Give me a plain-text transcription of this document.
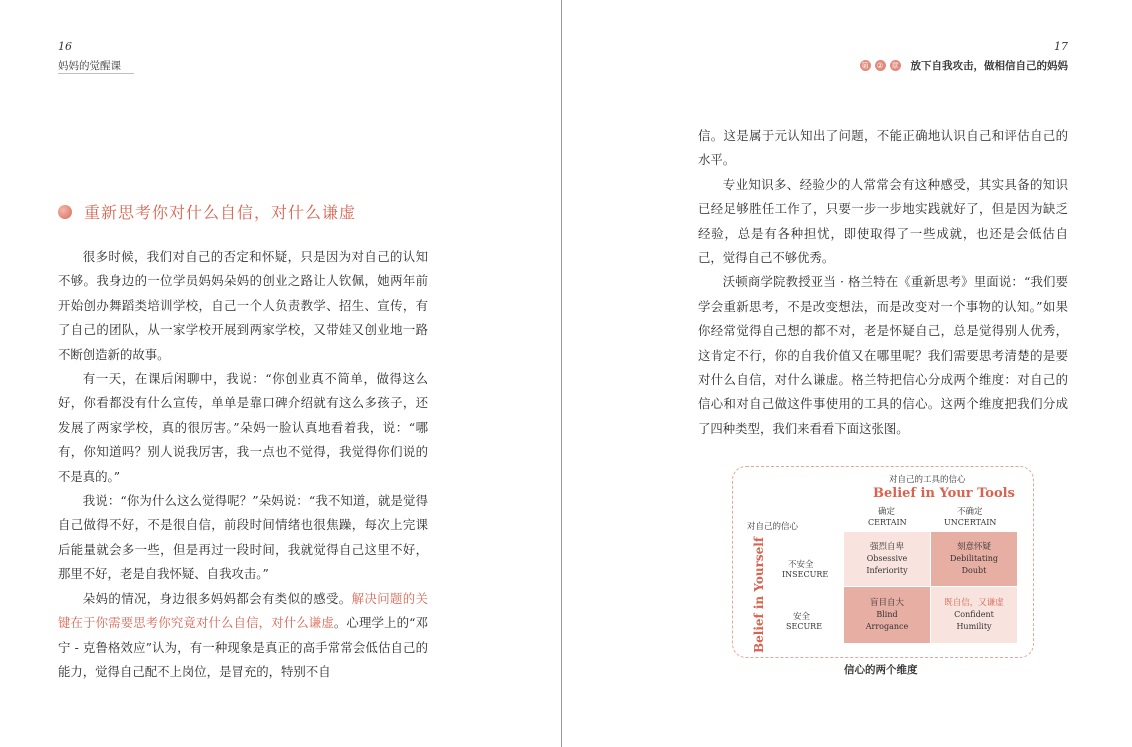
16
妈妈的觉醒课
重新思考你对什么自信，对什么谦虚

很多时候，我们对自己的否定和怀疑，只是因为对自己的认知不够。我身边的一位学员妈妈朵妈的创业之路让人钦佩，她两年前开始创办舞蹈类培训学校，自己一个人负责教学、招生、宣传，有了自己的团队，从一家学校开展到两家学校，又带娃又创业地一路不断创造新的故事。

有一天，在课后闲聊中，我说：“你创业真不简单，做得这么好，你看都没有什么宣传，单单是靠口碑介绍就有这么多孩子，还发展了两家学校，真的很厉害。”朵妈一脸认真地看着我，说：“哪有，你知道吗？别人说我厉害，我一点也不觉得，我觉得你们说的不是真的。”

我说：“你为什么这么觉得呢？”朵妈说：“我不知道，就是觉得自己做得不好，不是很自信，前段时间情绪也很焦躁，每次上完课后能量就会多一些，但是再过一段时间，我就觉得自己这里不好，那里不好，老是自我怀疑、自我攻击。”

朵妈的情况，身边很多妈妈都会有类似的感受。解决问题的关键在于你需要思考你究竟对什么自信，对什么谦虚。心理学上的“邓宁 - 克鲁格效应”认为，有一种现象是真正的高手常常会低估自己的能力，觉得自己配不上岗位，是冒充的，特别不自

17
第 ② 章 放下自我攻击，做相信自己的妈妈

信。这是属于元认知出了问题，不能正确地认识自己和评估自己的水平。

专业知识多、经验少的人常常会有这种感受，其实具备的知识已经足够胜任工作了，只要一步一步地实践就好了，但是因为缺乏经验，总是有各种担忧，即使取得了一些成就，也还是会低估自己，觉得自己不够优秀。

沃顿商学院教授亚当 · 格兰特在《重新思考》里面说：“我们要学会重新思考，不是改变想法，而是改变对一个事物的认知。”如果你经常觉得自己想的都不对，老是怀疑自己，总是觉得别人优秀，这肯定不行，你的自我价值又在哪里呢？我们需要思考清楚的是要对什么自信，对什么谦虚。格兰特把信心分成两个维度：对自己的信心和对自己做这件事使用的工具的信心。这两个维度把我们分成了四种类型，我们来看看下面这张图。

对自己的工具的信心
Belief in Your Tools
确定
CERTAIN
不确定
UNCERTAIN
对自己的信心
Belief in Yourself	不安全
INSECURE
安全
SECURE
强烈自卑
Obsessive
Inferiority
刻意怀疑
Debilitating
Doubt
盲目自大
Blind
Arrogance
既自信，又谦虚
Confident
Humility
信心的两个维度
